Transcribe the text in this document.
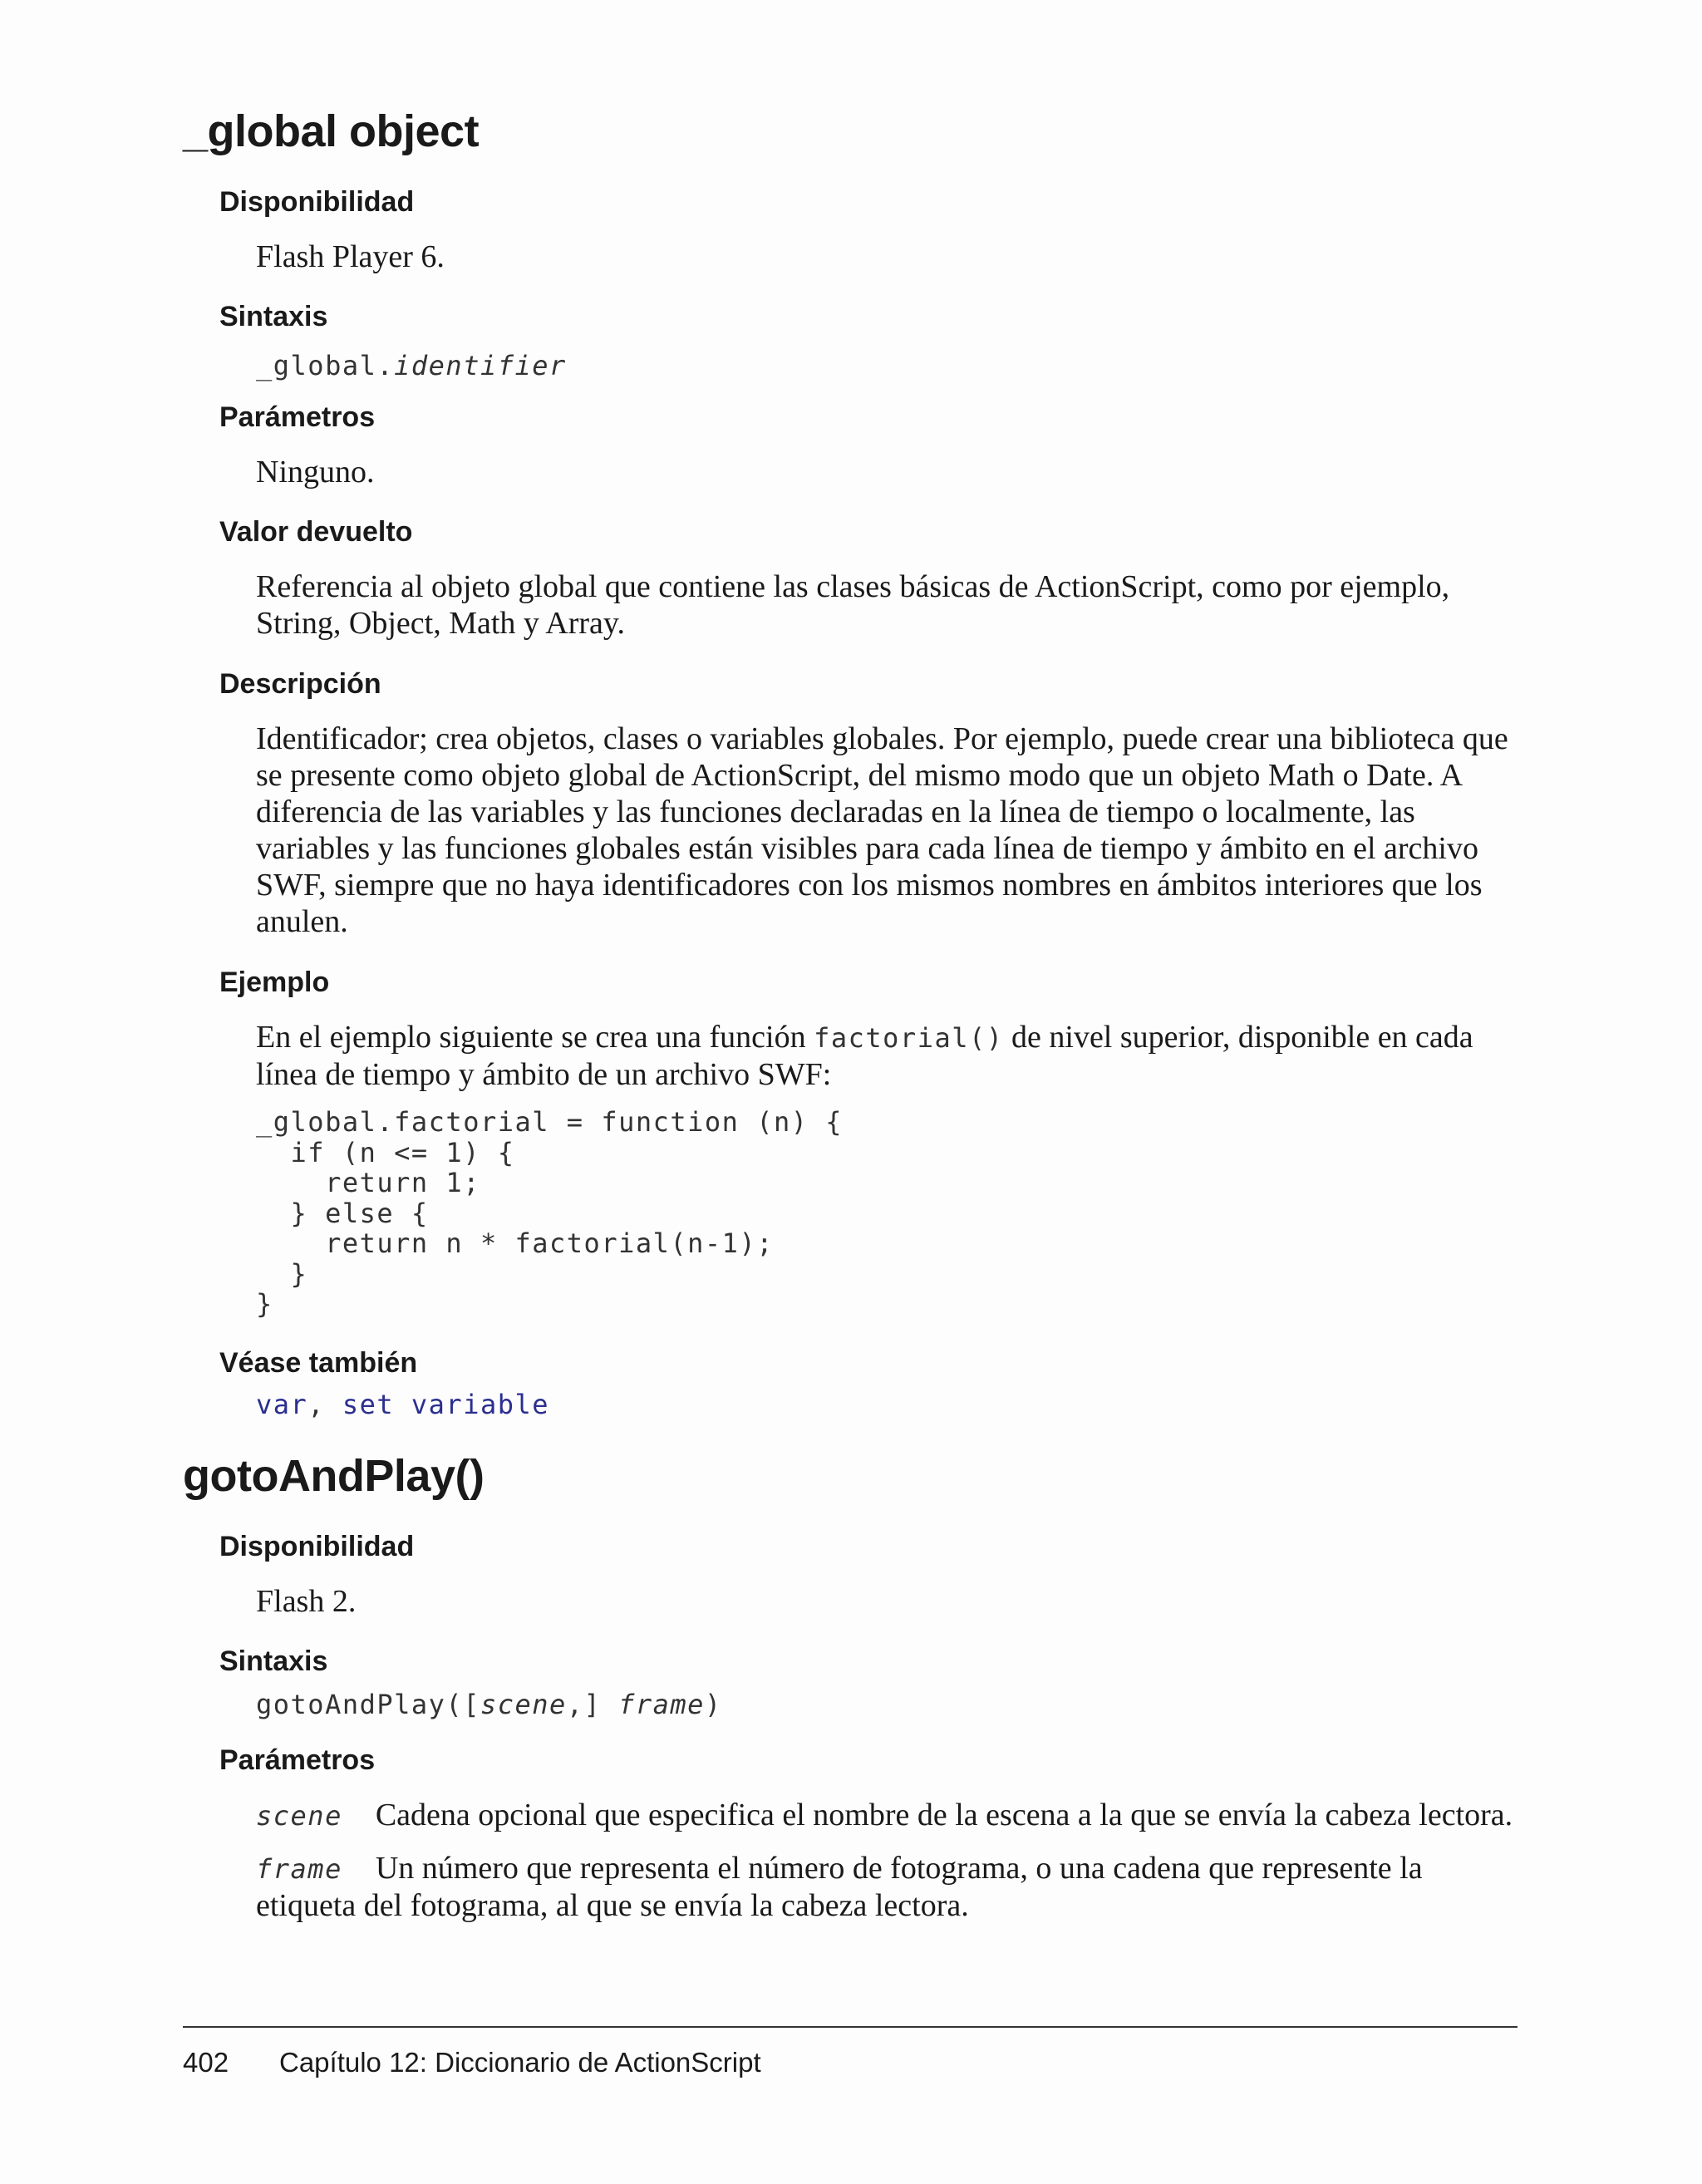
_global object
Disponibilidad

Flash Player 6.

Sintaxis

_global.identifier

Parámetros

Ninguno.

Valor devuelto

Referencia al objeto global que contiene las clases básicas de ActionScript, como por ejemplo, String, Object, Math y Array.

Descripción

Identificador; crea objetos, clases o variables globales. Por ejemplo, puede crear una biblioteca que se presente como objeto global de ActionScript, del mismo modo que un objeto Math o Date. A diferencia de las variables y las funciones declaradas en la línea de tiempo o localmente, las variables y las funciones globales están visibles para cada línea de tiempo y ámbito en el archivo SWF, siempre que no haya identificadores con los mismos nombres en ámbitos interiores que los anulen.

Ejemplo

En el ejemplo siguiente se crea una función factorial() de nivel superior, disponible en cada línea de tiempo y ámbito de un archivo SWF:

_global.factorial = function (n) {
if (n <= 1) {
return 1;
} else {
return n * factorial(n-1);
}
}
Véase también

var, set variable

gotoAndPlay()
Disponibilidad

Flash 2.

Sintaxis

gotoAndPlay([scene,] frame)

Parámetros

scene Cadena opcional que especifica el nombre de la escena a la que se envía la cabeza lectora.

frame Un número que representa el número de fotograma, o una cadena que represente la etiqueta del fotograma, al que se envía la cabeza lectora.

402 Capítulo 12: Diccionario de ActionScript
